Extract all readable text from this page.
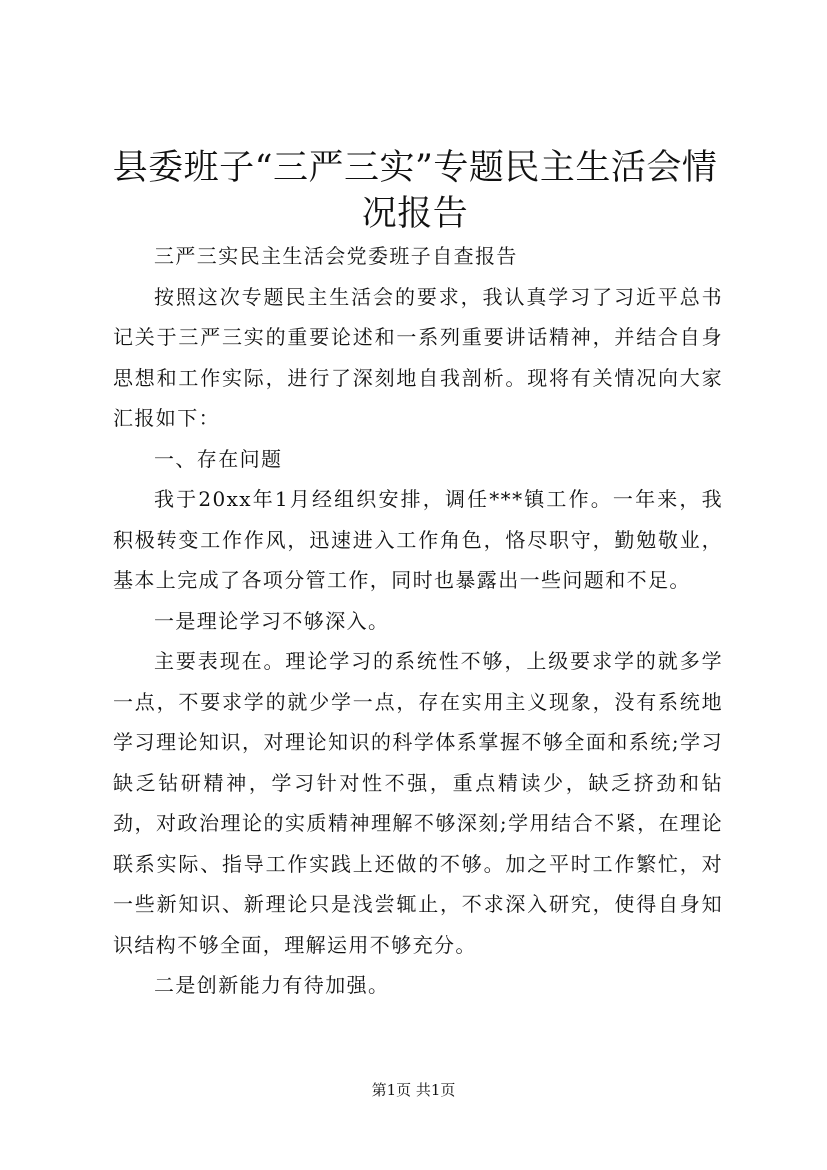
县委班子“三严三实”专题民主生活会情况报告

三严三实民主生活会党委班子自查报告

按照这次专题民主生活会的要求，我认真学习了习近平总书记关于三严三实的重要论述和一系列重要讲话精神，并结合自身思想和工作实际，进行了深刻地自我剖析。现将有关情况向大家汇报如下：

一、存在问题

我于20xx年1月经组织安排，调任***镇工作。一年来，我积极转变工作作风，迅速进入工作角色，恪尽职守，勤勉敬业，基本上完成了各项分管工作，同时也暴露出一些问题和不足。

一是理论学习不够深入。

主要表现在。理论学习的系统性不够，上级要求学的就多学一点，不要求学的就少学一点，存在实用主义现象，没有系统地学习理论知识，对理论知识的科学体系掌握不够全面和系统;学习缺乏钻研精神，学习针对性不强，重点精读少，缺乏挤劲和钻劲，对政治理论的实质精神理解不够深刻;学用结合不紧，在理论联系实际、指导工作实践上还做的不够。加之平时工作繁忙，对一些新知识、新理论只是浅尝辄止，不求深入研究，使得自身知识结构不够全面，理解运用不够充分。

二是创新能力有待加强。

第1页 共1页
